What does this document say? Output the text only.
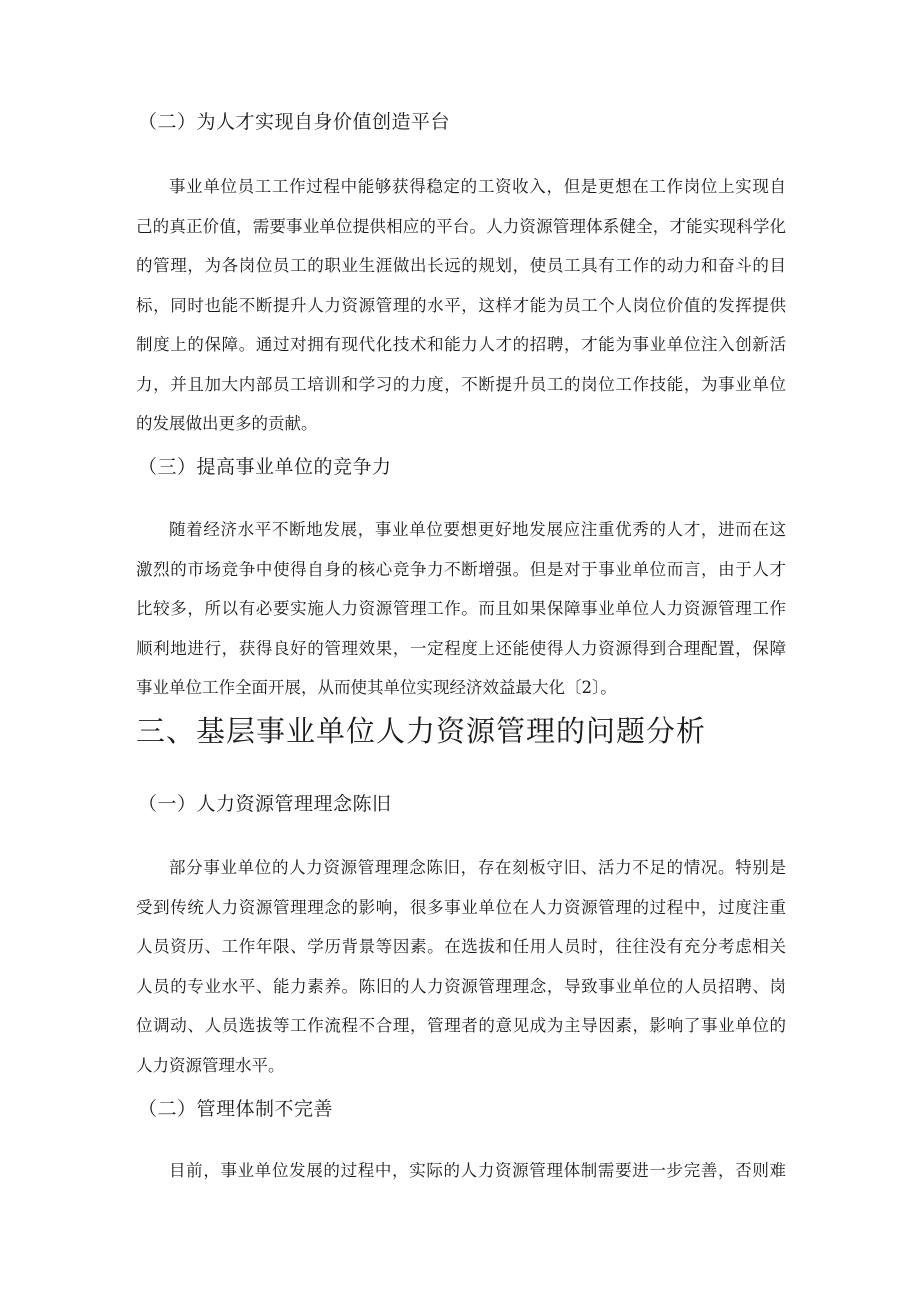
（二）为人才实现自身价值创造平台
事业单位员工工作过程中能够获得稳定的工资收入，但是更想在工作岗位上实现自
己的真正价值，需要事业单位提供相应的平台。人力资源管理体系健全，才能实现科学化
的管理，为各岗位员工的职业生涯做出长远的规划，使员工具有工作的动力和奋斗的目
标，同时也能不断提升人力资源管理的水平，这样才能为员工个人岗位价值的发挥提供
制度上的保障。通过对拥有现代化技术和能力人才的招聘，才能为事业单位注入创新活
力，并且加大内部员工培训和学习的力度，不断提升员工的岗位工作技能，为事业单位
的发展做出更多的贡献。
（三）提高事业单位的竞争力
随着经济水平不断地发展，事业单位要想更好地发展应注重优秀的人才，进而在这
激烈的市场竞争中使得自身的核心竞争力不断增强。但是对于事业单位而言，由于人才
比较多，所以有必要实施人力资源管理工作。而且如果保障事业单位人力资源管理工作
顺利地进行，获得良好的管理效果，一定程度上还能使得人力资源得到合理配置，保障
事业单位工作全面开展，从而使其单位实现经济效益最大化〔2〕。
三、基层事业单位人力资源管理的问题分析
（一）人力资源管理理念陈旧
部分事业单位的人力资源管理理念陈旧，存在刻板守旧、活力不足的情况。特别是
受到传统人力资源管理理念的影响，很多事业单位在人力资源管理的过程中，过度注重
人员资历、工作年限、学历背景等因素。在选拔和任用人员时，往往没有充分考虑相关
人员的专业水平、能力素养。陈旧的人力资源管理理念，导致事业单位的人员招聘、岗
位调动、人员选拔等工作流程不合理，管理者的意见成为主导因素，影响了事业单位的
人力资源管理水平。
（二）管理体制不完善
目前，事业单位发展的过程中，实际的人力资源管理体制需要进一步完善，否则难
